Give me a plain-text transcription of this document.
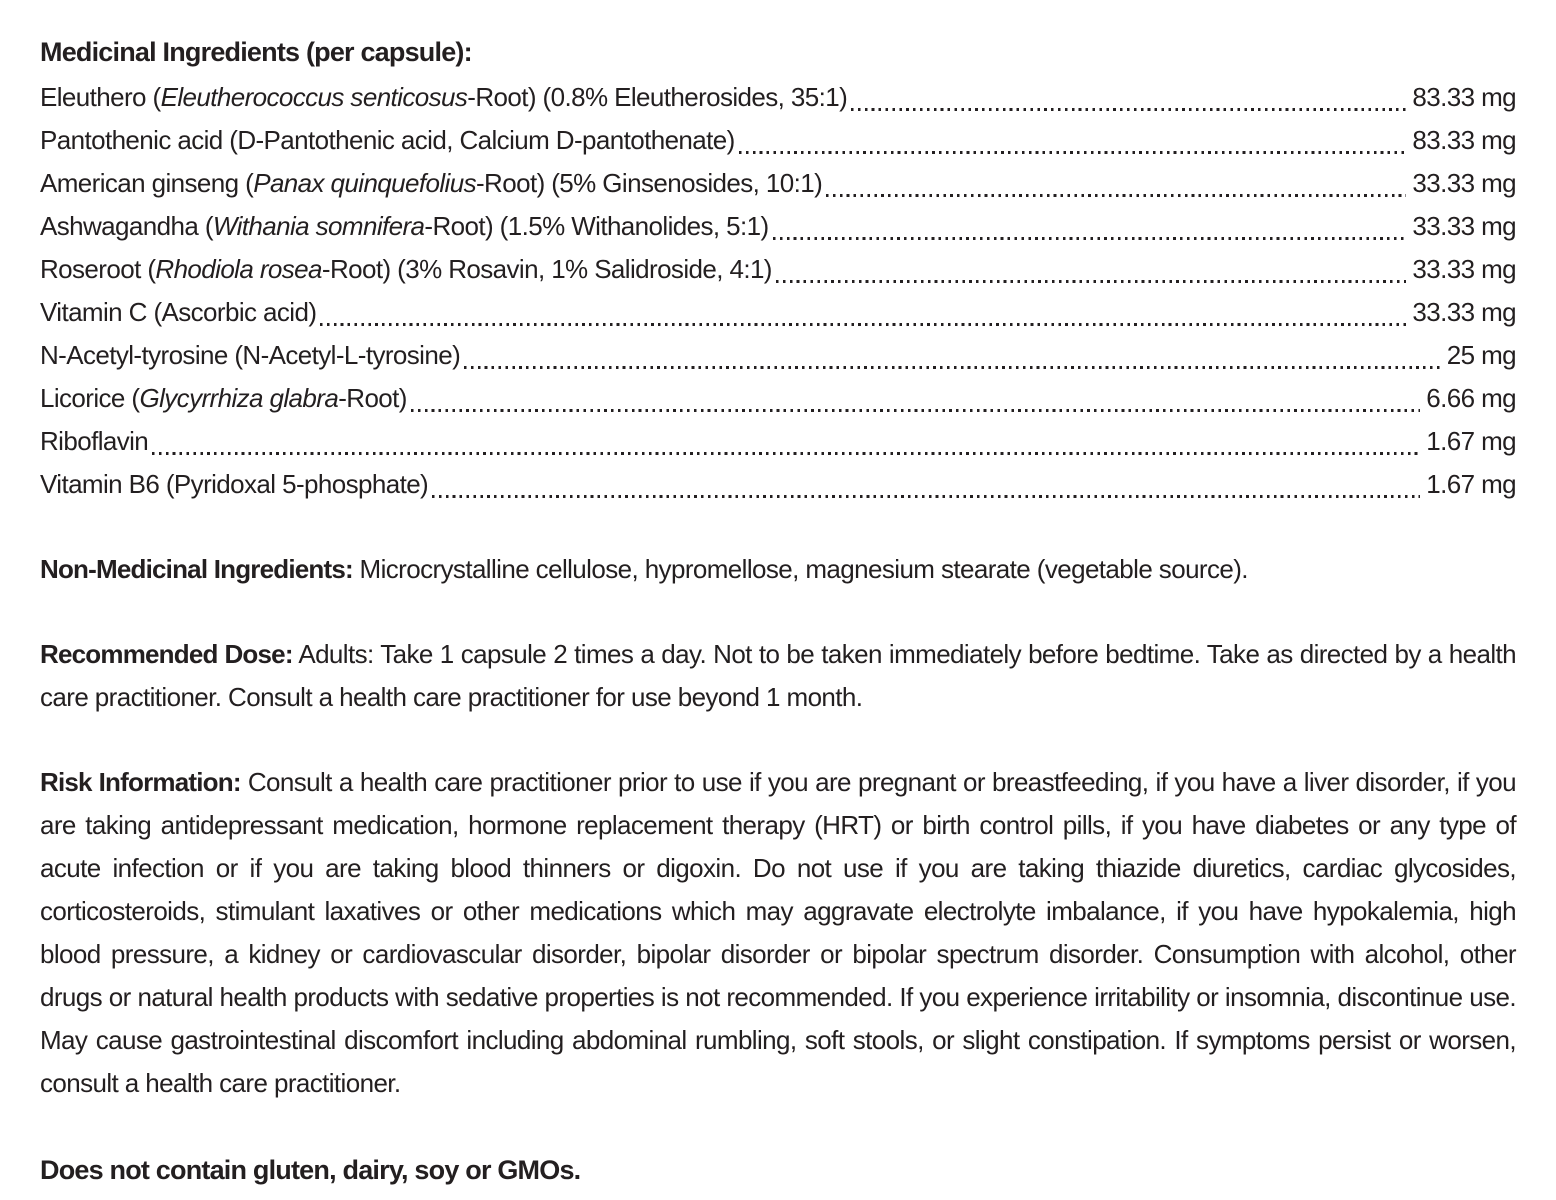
Medicinal Ingredients (per capsule):
Eleuthero (Eleutherococcus senticosus-Root) (0.8% Eleutherosides, 35:1)	83.33 mg
Pantothenic acid (D-Pantothenic acid, Calcium D-pantothenate)	83.33 mg
American ginseng (Panax quinquefolius-Root) (5% Ginsenosides, 10:1)	33.33 mg
Ashwagandha (Withania somnifera-Root) (1.5% Withanolides, 5:1)	33.33 mg
Roseroot (Rhodiola rosea-Root) (3% Rosavin, 1% Salidroside, 4:1)	33.33 mg
Vitamin C (Ascorbic acid)	33.33 mg
N-Acetyl-tyrosine (N-Acetyl-L-tyrosine)	25 mg
Licorice (Glycyrrhiza glabra-Root)	6.66 mg
Riboflavin	1.67 mg
Vitamin B6 (Pyridoxal 5-phosphate)	1.67 mg

Non-Medicinal Ingredients: Microcrystalline cellulose, hypromellose, magnesium stearate (vegetable source).

Recommended Dose: Adults: Take 1 capsule 2 times a day. Not to be taken immediately before bedtime. Take as directed by a health care practitioner. Consult a health care practitioner for use beyond 1 month.

Risk Information: Consult a health care practitioner prior to use if you are pregnant or breastfeeding, if you have a liver disorder, if you are taking antidepressant medication, hormone replacement therapy (HRT) or birth control pills, if you have diabetes or any type of acute infection or if you are taking blood thinners or digoxin. Do not use if you are taking thiazide diuretics, cardiac glycosides, corticosteroids, stimulant laxatives or other medications which may aggravate electrolyte imbalance, if you have hypokalemia, high blood pressure, a kidney or cardiovascular disorder, bipolar disorder or bipolar spectrum disorder. Consumption with alcohol, other drugs or natural health products with sedative properties is not recommended. If you experience irritability or insomnia, discontinue use. May cause gastrointestinal discomfort including abdominal rumbling, soft stools, or slight constipation. If symptoms persist or worsen, consult a health care practitioner.

Does not contain gluten, dairy, soy or GMOs.
